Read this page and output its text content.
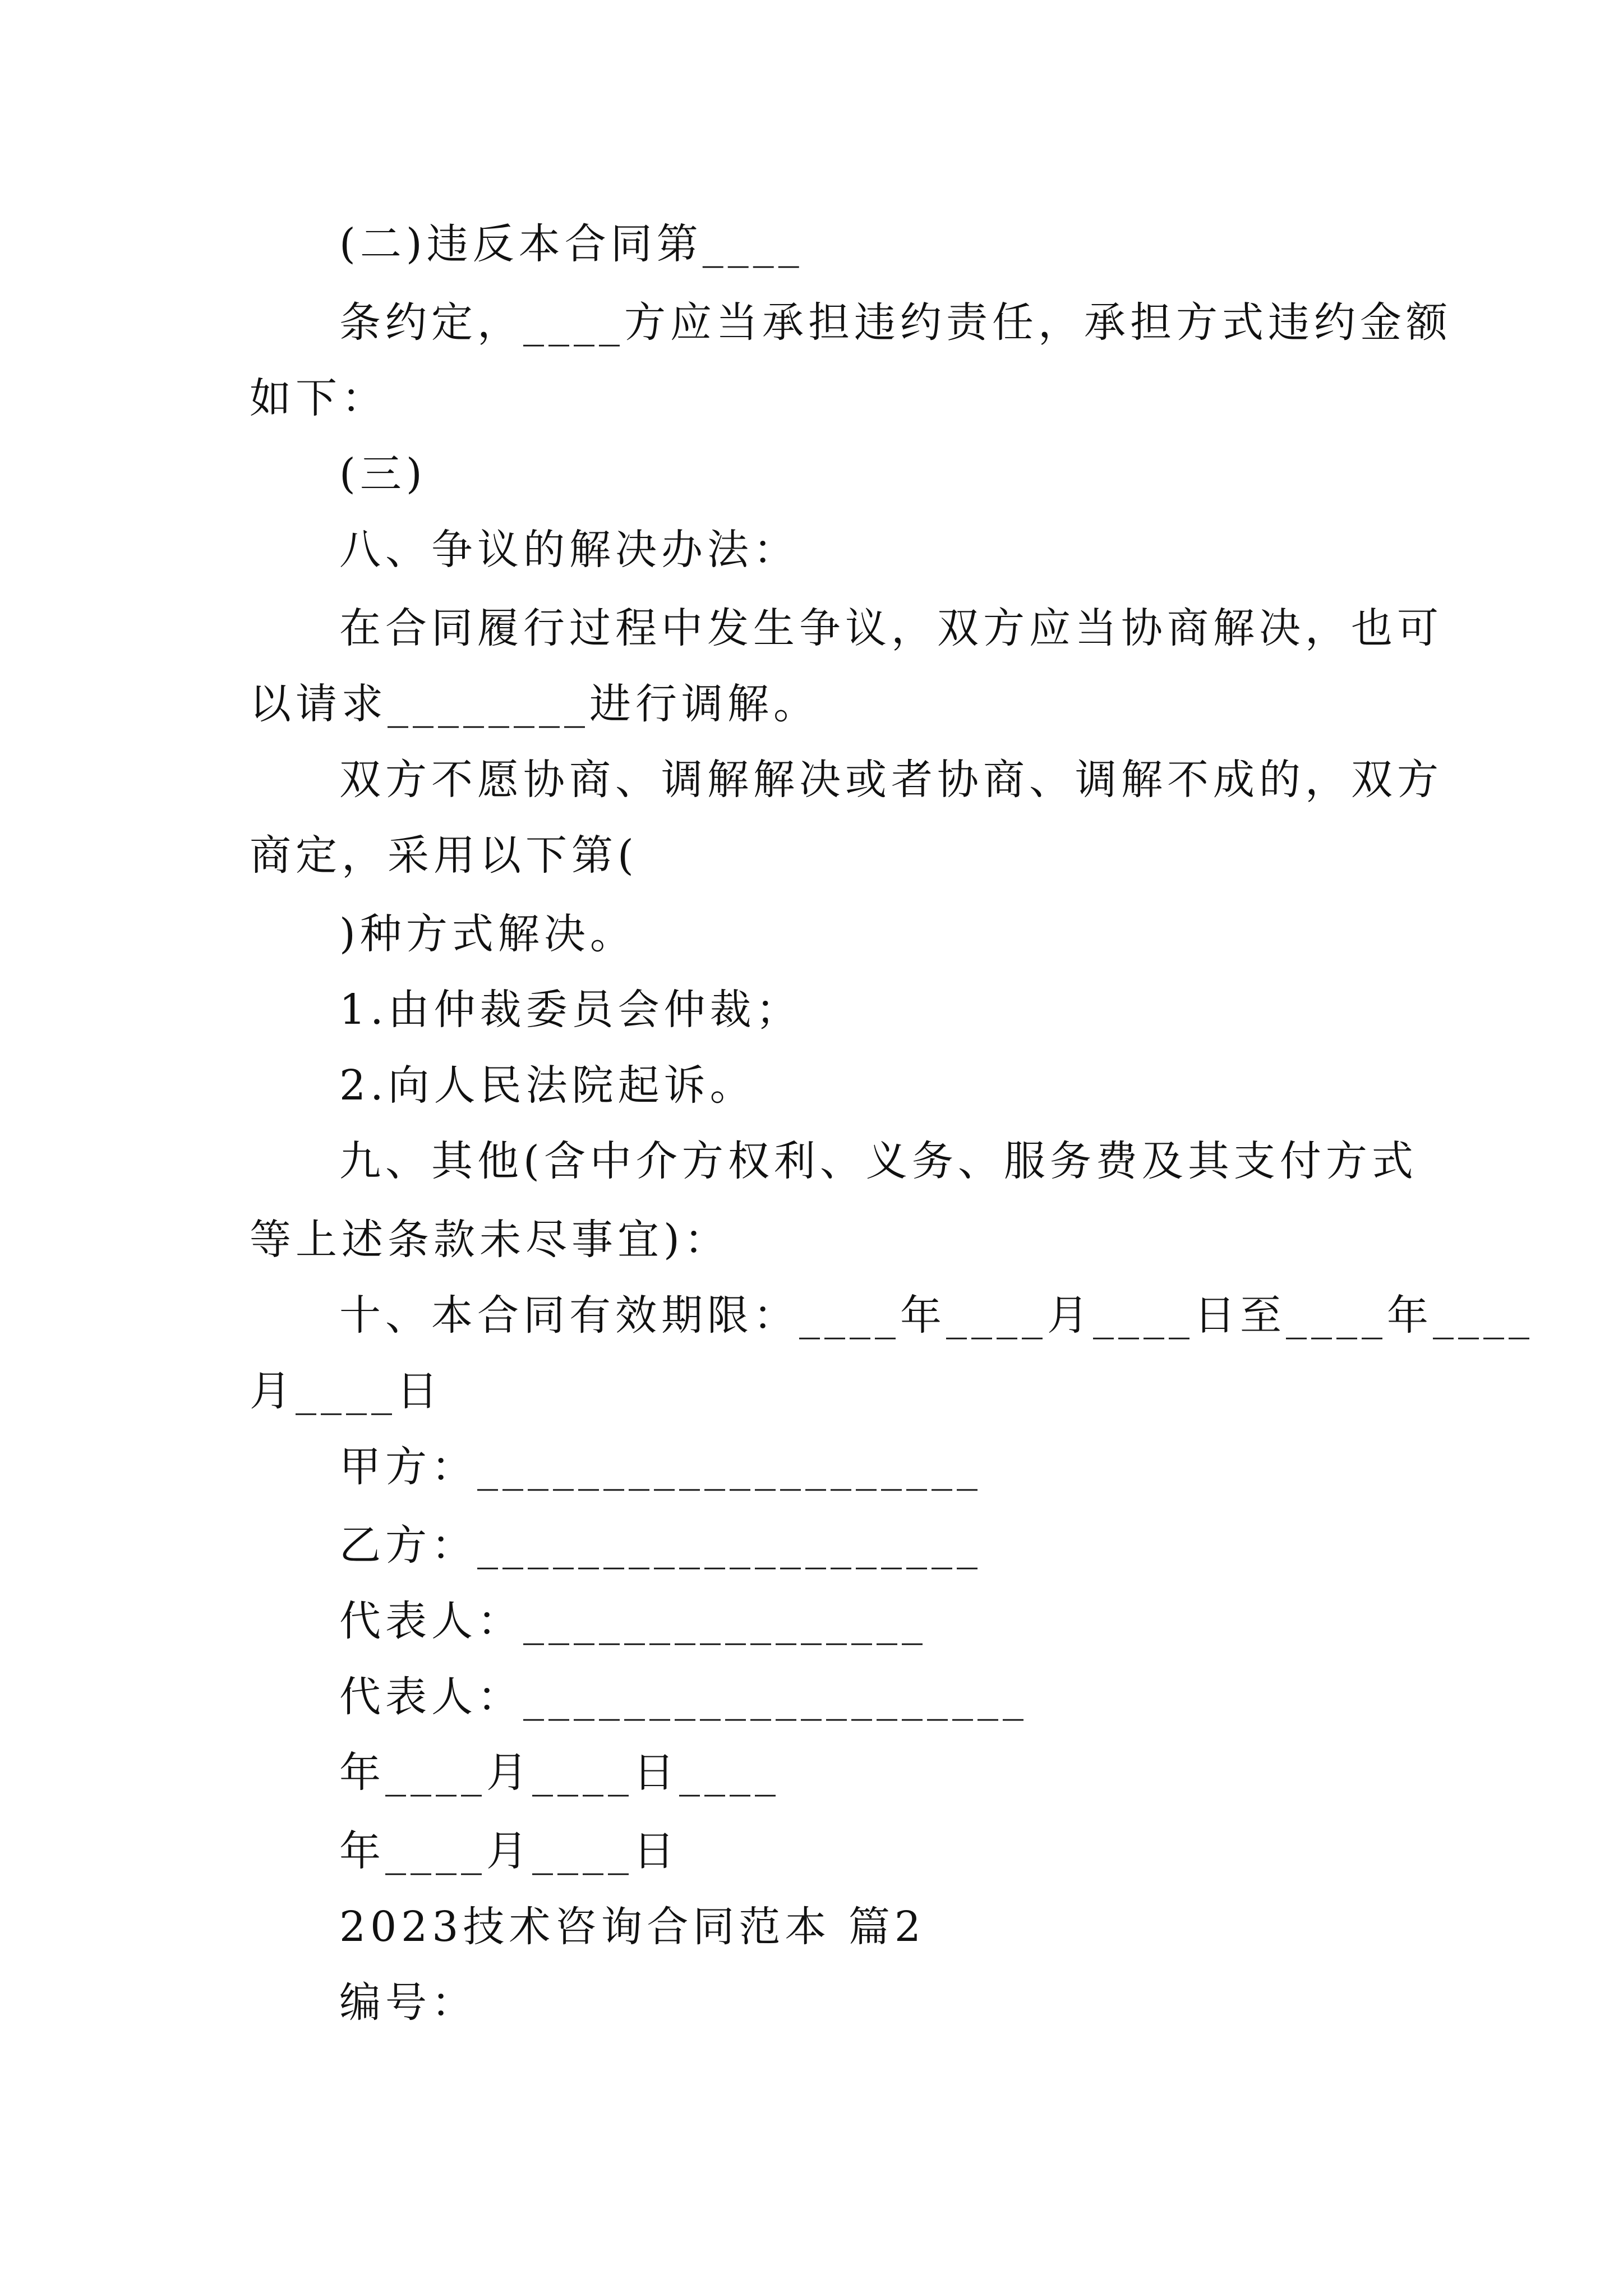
(二)违反本合同第____
条约定，____方应当承担违约责任，承担方式违约金额
如下：
(三)
八、争议的解决办法：
在合同履行过程中发生争议，双方应当协商解决，也可
以请求________进行调解。
双方不愿协商、调解解决或者协商、调解不成的，双方
商定，采用以下第(
)种方式解决。
1.由仲裁委员会仲裁；
2.向人民法院起诉。
九、其他(含中介方权利、义务、服务费及其支付方式
等上述条款未尽事宜)：
十、本合同有效期限：____年____月____日至____年____
月____日
甲方：____________________
乙方：____________________
代表人：________________
代表人：____________________
年____月____日____
年____月____日
2023技术咨询合同范本 篇2
编号：
